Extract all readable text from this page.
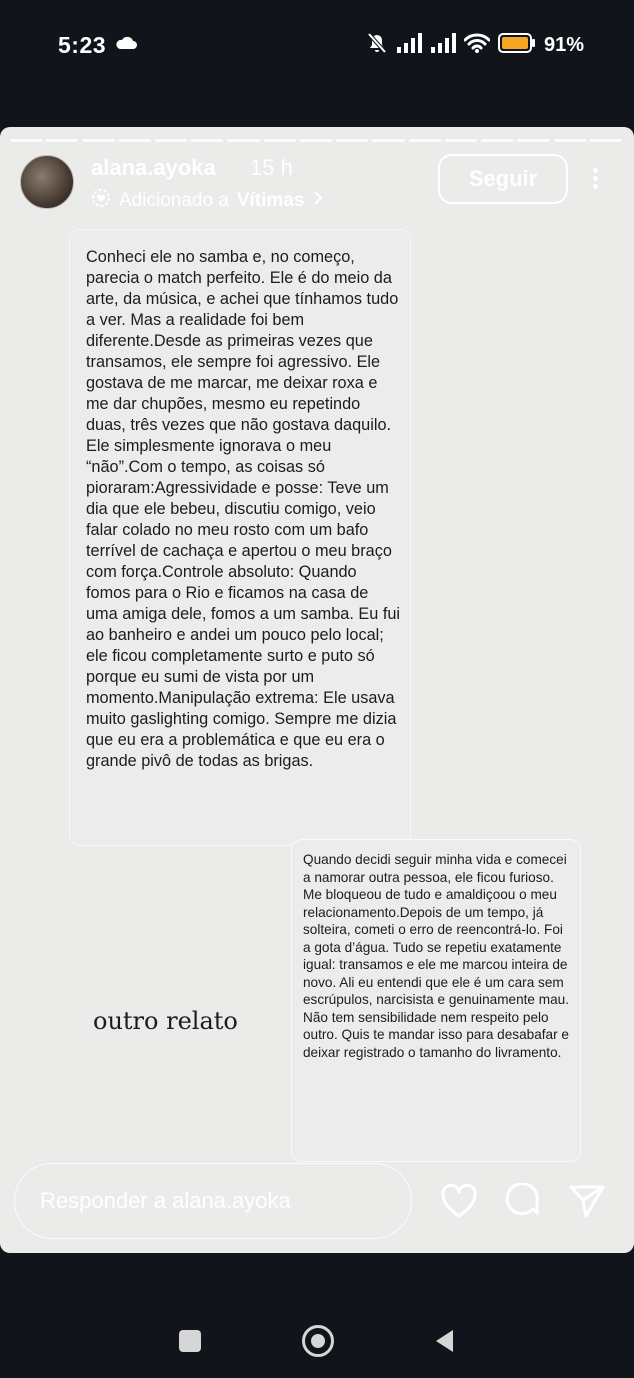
5:23	91%
alana.ayoka 15 h
Adicionado a Vítimas
Seguir

Conheci ele no samba e, no começo, parecia o match perfeito. Ele é do meio da arte, da música, e achei que tínhamos tudo a ver. Mas a realidade foi bem diferente.Desde as primeiras vezes que transamos, ele sempre foi agressivo. Ele gostava de me marcar, me deixar roxa e me dar chupões, mesmo eu repetindo duas, três vezes que não gostava daquilo. Ele simplesmente ignorava o meu “não”.Com o tempo, as coisas só pioraram:Agressividade e posse: Teve um dia que ele bebeu, discutiu comigo, veio falar colado no meu rosto com um bafo terrível de cachaça e apertou o meu braço com força.Controle absoluto: Quando fomos para o Rio e ficamos na casa de uma amiga dele, fomos a um samba. Eu fui ao banheiro e andei um pouco pelo local; ele ficou completamente surto e puto só porque eu sumi de vista por um momento.Manipulação extrema: Ele usava muito gaslighting comigo. Sempre me dizia que eu era a problemática e que eu era o grande pivô de todas as brigas.

Quando decidi seguir minha vida e comecei a namorar outra pessoa, ele ficou furioso. Me bloqueou de tudo e amaldiçoou o meu relacionamento.Depois de um tempo, já solteira, cometi o erro de reencontrá-lo. Foi a gota d’água. Tudo se repetiu exatamente igual: transamos e ele me marcou inteira de novo. Ali eu entendi que ele é um cara sem escrúpulos, narcisista e genuinamente mau. Não tem sensibilidade nem respeito pelo outro. Quis te mandar isso para desabafar e deixar registrado o tamanho do livramento.

outro relato
Responder a alana.ayoka
